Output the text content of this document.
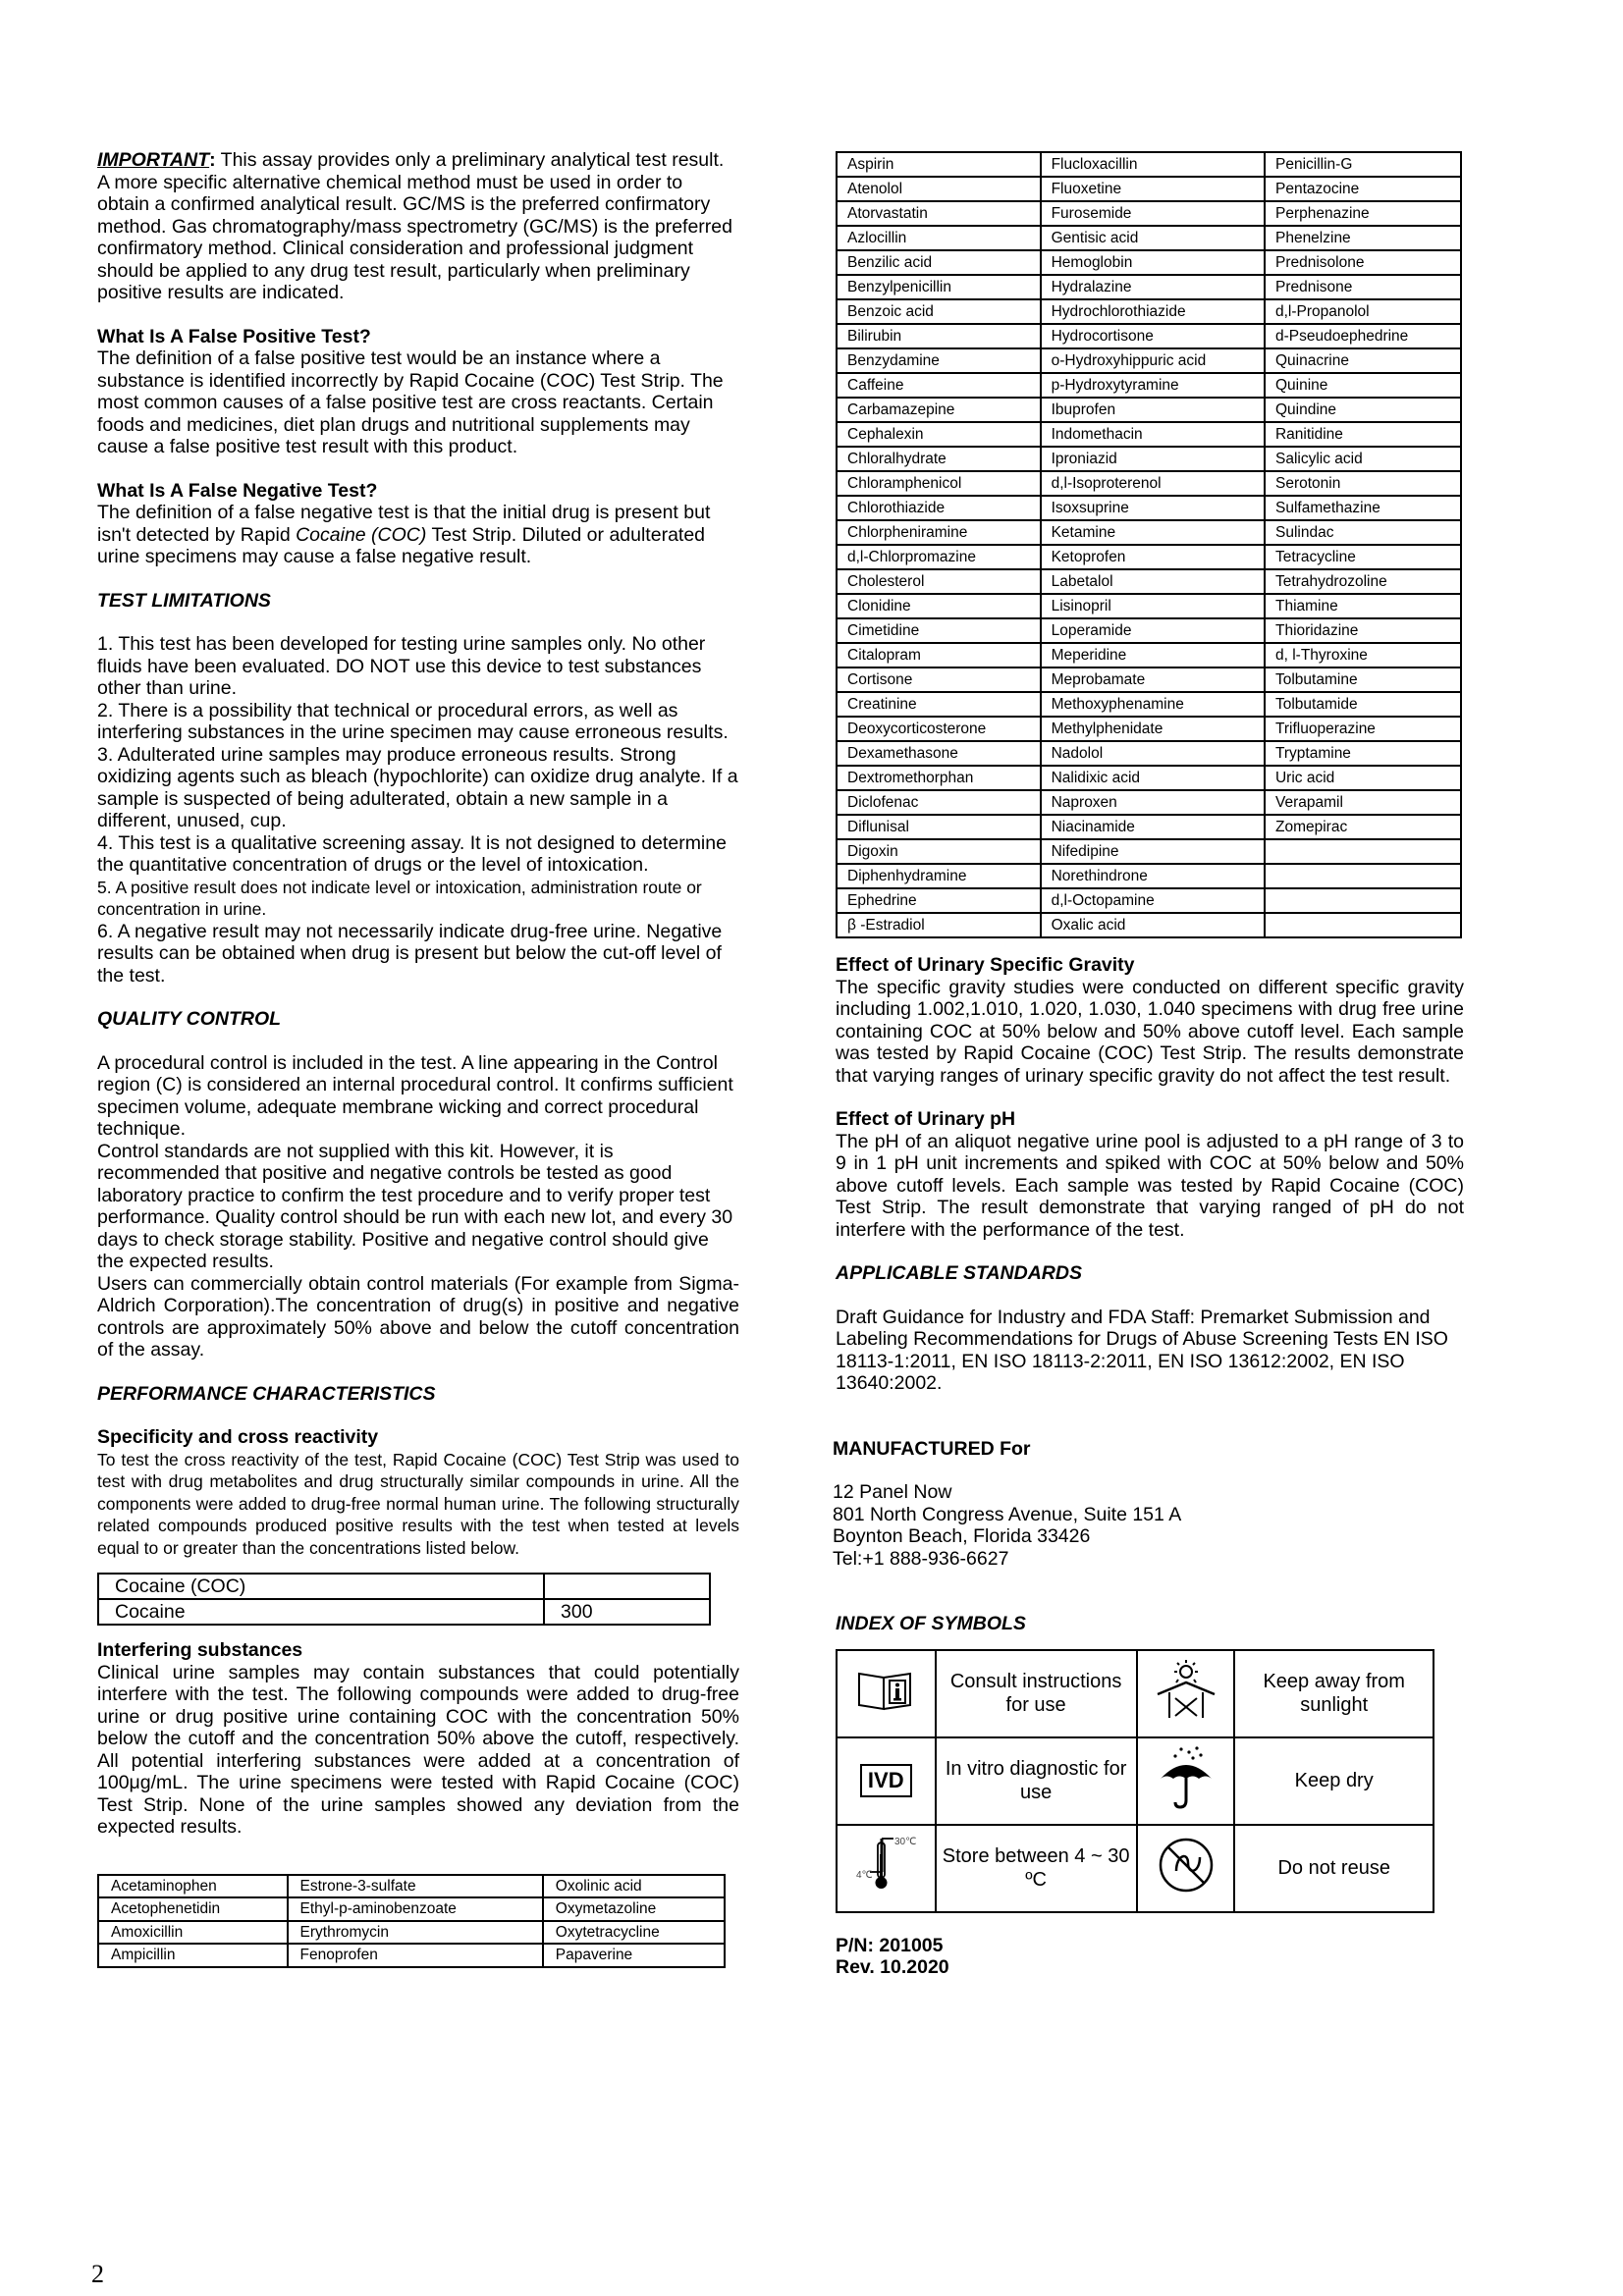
IMPORTANT: This assay provides only a preliminary analytical test result. A more specific alternative chemical method must be used in order to obtain a confirmed analytical result. GC/MS is the preferred confirmatory method. Gas chromatography/mass spectrometry (GC/MS) is the preferred confirmatory method. Clinical consideration and professional judgment should be applied to any drug test result, particularly when preliminary positive results are indicated.

What Is A False Positive Test?

The definition of a false positive test would be an instance where a substance is identified incorrectly by Rapid Cocaine (COC) Test Strip. The most common causes of a false positive test are cross reactants. Certain foods and medicines, diet plan drugs and nutritional supplements may cause a false positive test result with this product.

What Is A False Negative Test?

The definition of a false negative test is that the initial drug is present but isn't detected by Rapid Cocaine (COC) Test Strip. Diluted or adulterated urine specimens may cause a false negative result.

TEST LIMITATIONS

1. This test has been developed for testing urine samples only. No other fluids have been evaluated. DO NOT use this device to test substances other than urine.

2. There is a possibility that technical or procedural errors, as well as interfering substances in the urine specimen may cause erroneous results.

3. Adulterated urine samples may produce erroneous results. Strong oxidizing agents such as bleach (hypochlorite) can oxidize drug analyte. If a sample is suspected of being adulterated, obtain a new sample in a different, unused, cup.

4. This test is a qualitative screening assay. It is not designed to determine the quantitative concentration of drugs or the level of intoxication.

5. A positive result does not indicate level or intoxication, administration route or concentration in urine.

6. A negative result may not necessarily indicate drug-free urine. Negative results can be obtained when drug is present but below the cut-off level of the test.

QUALITY CONTROL

A procedural control is included in the test. A line appearing in the Control region (C) is considered an internal procedural control. It confirms sufficient specimen volume, adequate membrane wicking and correct procedural technique.

Control standards are not supplied with this kit. However, it is recommended that positive and negative controls be tested as good laboratory practice to confirm the test procedure and to verify proper test performance. Quality control should be run with each new lot, and every 30 days to check storage stability. Positive and negative control should give the expected results.

Users can commercially obtain control materials (For example from Sigma-Aldrich Corporation).The concentration of drug(s) in positive and negative controls are approximately 50% above and below the cutoff concentration of the assay.

PERFORMANCE CHARACTERISTICS

Specificity and cross reactivity

To test the cross reactivity of the test, Rapid Cocaine (COC) Test Strip was used to test with drug metabolites and drug structurally similar compounds in urine. All the components were added to drug-free normal human urine. The following structurally related compounds produced positive results with the test when tested at levels equal to or greater than the concentrations listed below.

Cocaine (COC)	
Cocaine	300

Interfering substances

Clinical urine samples may contain substances that could potentially interfere with the test. The following compounds were added to drug-free urine or drug positive urine containing COC with the concentration 50% below the cutoff and the concentration 50% above the cutoff, respectively. All potential interfering substances were added at a concentration of 100μg/mL. The urine specimens were tested with Rapid Cocaine (COC) Test Strip. None of the urine samples showed any deviation from the expected results.

Acetaminophen	Estrone-3-sulfate	Oxolinic acid
Acetophenetidin	Ethyl-p-aminobenzoate	Oxymetazoline
Amoxicillin	Erythromycin	Oxytetracycline
Ampicillin	Fenoprofen	Papaverine
Aspirin	Flucloxacillin	Penicillin-G
Atenolol	Fluoxetine	Pentazocine
Atorvastatin	Furosemide	Perphenazine
Azlocillin	Gentisic acid	Phenelzine
Benzilic acid	Hemoglobin	Prednisolone
Benzylpenicillin	Hydralazine	Prednisone
Benzoic acid	Hydrochlorothiazide	d,l-Propanolol
Bilirubin	Hydrocortisone	d-Pseudoephedrine
Benzydamine	o-Hydroxyhippuric acid	Quinacrine
Caffeine	p-Hydroxytyramine	Quinine
Carbamazepine	Ibuprofen	Quindine
Cephalexin	Indomethacin	Ranitidine
Chloralhydrate	Iproniazid	Salicylic acid
Chloramphenicol	d,l-Isoproterenol	Serotonin
Chlorothiazide	Isoxsuprine	Sulfamethazine
Chlorpheniramine	Ketamine	Sulindac
d,l-Chlorpromazine	Ketoprofen	Tetracycline
Cholesterol	Labetalol	Tetrahydrozoline
Clonidine	Lisinopril	Thiamine
Cimetidine	Loperamide	Thioridazine
Citalopram	Meperidine	d, l-Thyroxine
Cortisone	Meprobamate	Tolbutamine
Creatinine	Methoxyphenamine	Tolbutamide
Deoxycorticosterone	Methylphenidate	Trifluoperazine
Dexamethasone	Nadolol	Tryptamine
Dextromethorphan	Nalidixic acid	Uric acid
Diclofenac	Naproxen	Verapamil
Diflunisal	Niacinamide	Zomepirac
Digoxin	Nifedipine	
Diphenhydramine	Norethindrone	
Ephedrine	d,l-Octopamine	
β -Estradiol	Oxalic acid	

Effect of Urinary Specific Gravity

The specific gravity studies were conducted on different specific gravity including 1.002,1.010, 1.020, 1.030, 1.040 specimens with drug free urine containing COC at 50% below and 50% above cutoff level. Each sample was tested by Rapid Cocaine (COC) Test Strip. The results demonstrate that varying ranges of urinary specific gravity do not affect the test result.

Effect of Urinary pH

The pH of an aliquot negative urine pool is adjusted to a pH range of 3 to 9 in 1 pH unit increments and spiked with COC at 50% below and 50% above cutoff levels. Each sample was tested by Rapid Cocaine (COC) Test Strip. The result demonstrate that varying ranged of pH do not interfere with the performance of the test.

APPLICABLE STANDARDS

Draft Guidance for Industry and FDA Staff: Premarket Submission and Labeling Recommendations for Drugs of Abuse Screening Tests EN ISO 18113-1:2011, EN ISO 18113-2:2011, EN ISO 13612:2002, EN ISO 13640:2002.

MANUFACTURED For

12 Panel Now

801 North Congress Avenue, Suite 151 A

Boynton Beach, Florida 33426

Tel:+1 888-936-6627

INDEX OF SYMBOLS

	Consult instructions for use		Keep away from sunlight
IVD	In vitro diagnostic for use		Keep dry

30℃
4℃	Store between 4 ~ 30 ºC		Do not reuse

P/N: 201005

Rev. 10.2020

2
